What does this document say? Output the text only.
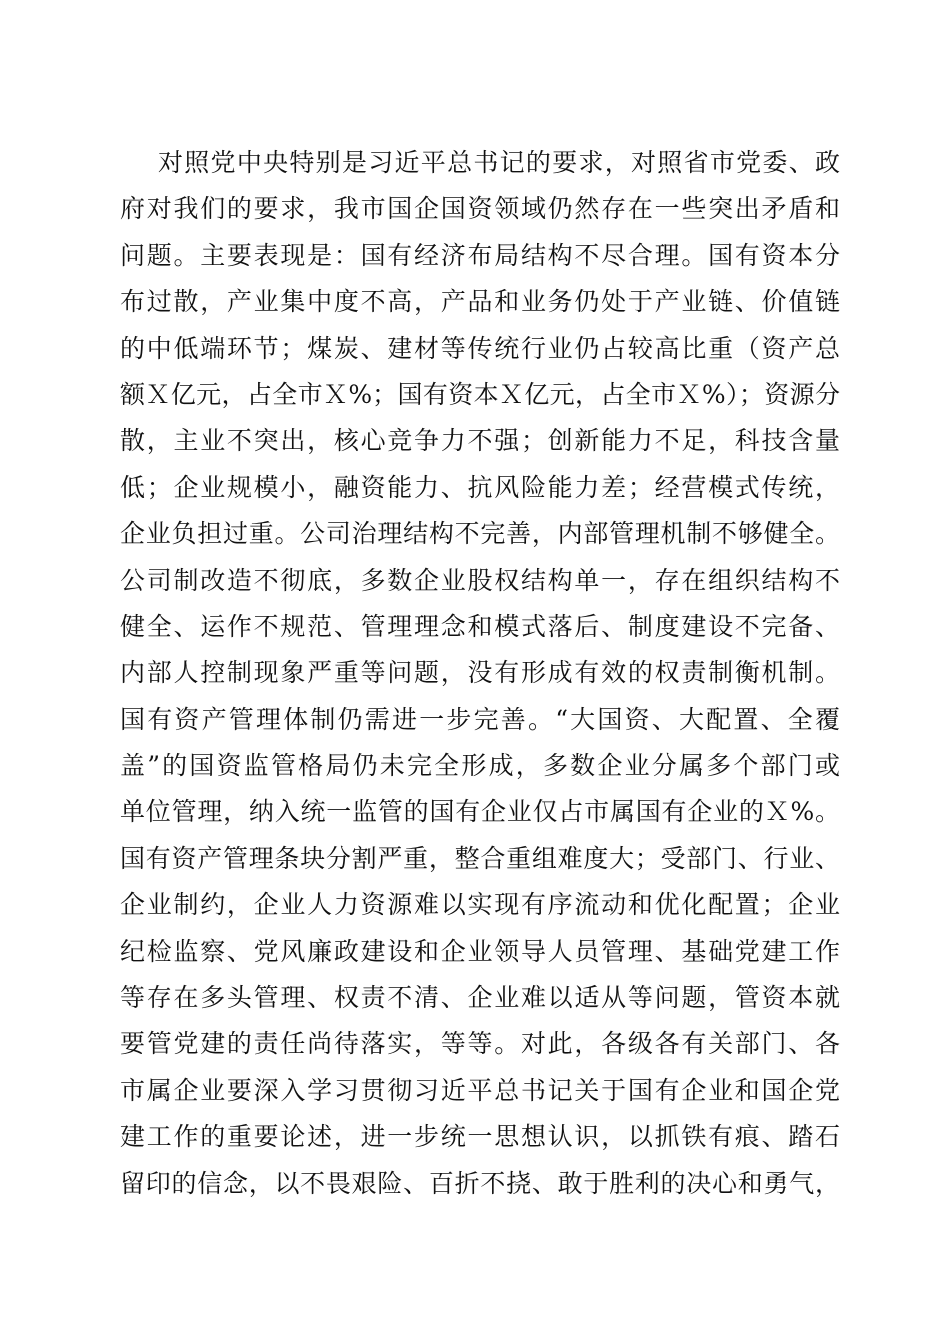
对照党中央特别是习近平总书记的要求，对照省市党委、政
府对我们的要求，我市国企国资领域仍然存在一些突出矛盾和
问题。主要表现是：国有经济布局结构不尽合理。国有资本分
布过散，产业集中度不高，产品和业务仍处于产业链、价值链
的中低端环节；煤炭、建材等传统行业仍占较高比重（资产总
额Ｘ亿元，占全市Ｘ%；国有资本Ｘ亿元，占全市Ｘ%）；资源分
散，主业不突出，核心竞争力不强；创新能力不足，科技含量
低；企业规模小，融资能力、抗风险能力差；经营模式传统，
企业负担过重。公司治理结构不完善，内部管理机制不够健全。
公司制改造不彻底，多数企业股权结构单一，存在组织结构不
健全、运作不规范、管理理念和模式落后、制度建设不完备、
内部人控制现象严重等问题，没有形成有效的权责制衡机制。
国有资产管理体制仍需进一步完善。“大国资、大配置、全覆
盖”的国资监管格局仍未完全形成，多数企业分属多个部门或
单位管理，纳入统一监管的国有企业仅占市属国有企业的Ｘ%。
国有资产管理条块分割严重，整合重组难度大；受部门、行业、
企业制约，企业人力资源难以实现有序流动和优化配置；企业
纪检监察、党风廉政建设和企业领导人员管理、基础党建工作
等存在多头管理、权责不清、企业难以适从等问题，管资本就
要管党建的责任尚待落实，等等。对此，各级各有关部门、各
市属企业要深入学习贯彻习近平总书记关于国有企业和国企党
建工作的重要论述，进一步统一思想认识，以抓铁有痕、踏石
留印的信念，以不畏艰险、百折不挠、敢于胜利的决心和勇气，
